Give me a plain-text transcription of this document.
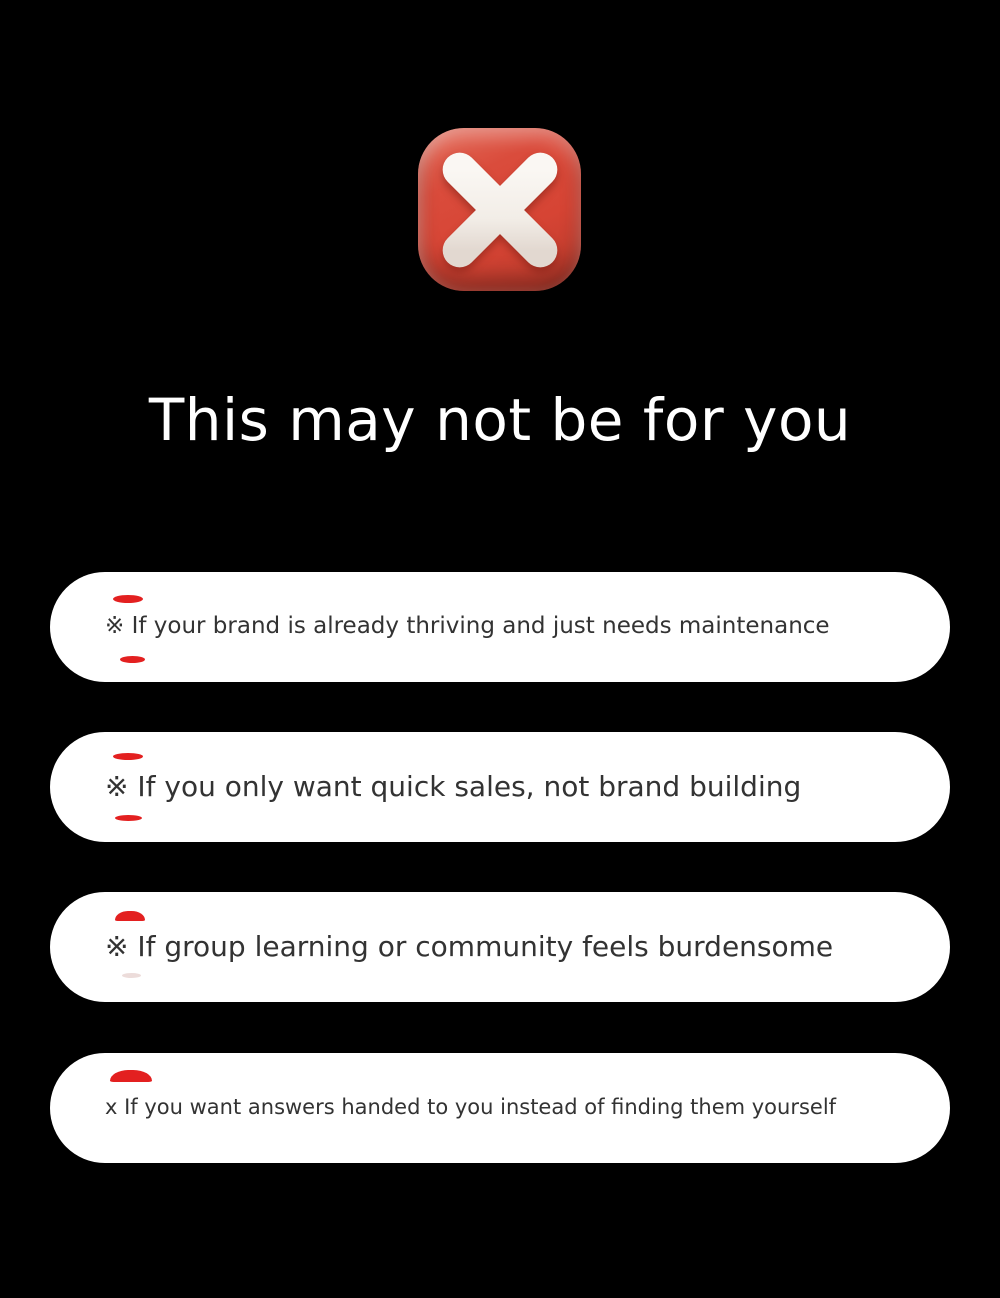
This may not be for you
※ If your brand is already thriving and just needs maintenance
※ If you only want quick sales, not brand building
※ If group learning or community feels burdensome
x If you want answers handed to you instead of finding them yourself
